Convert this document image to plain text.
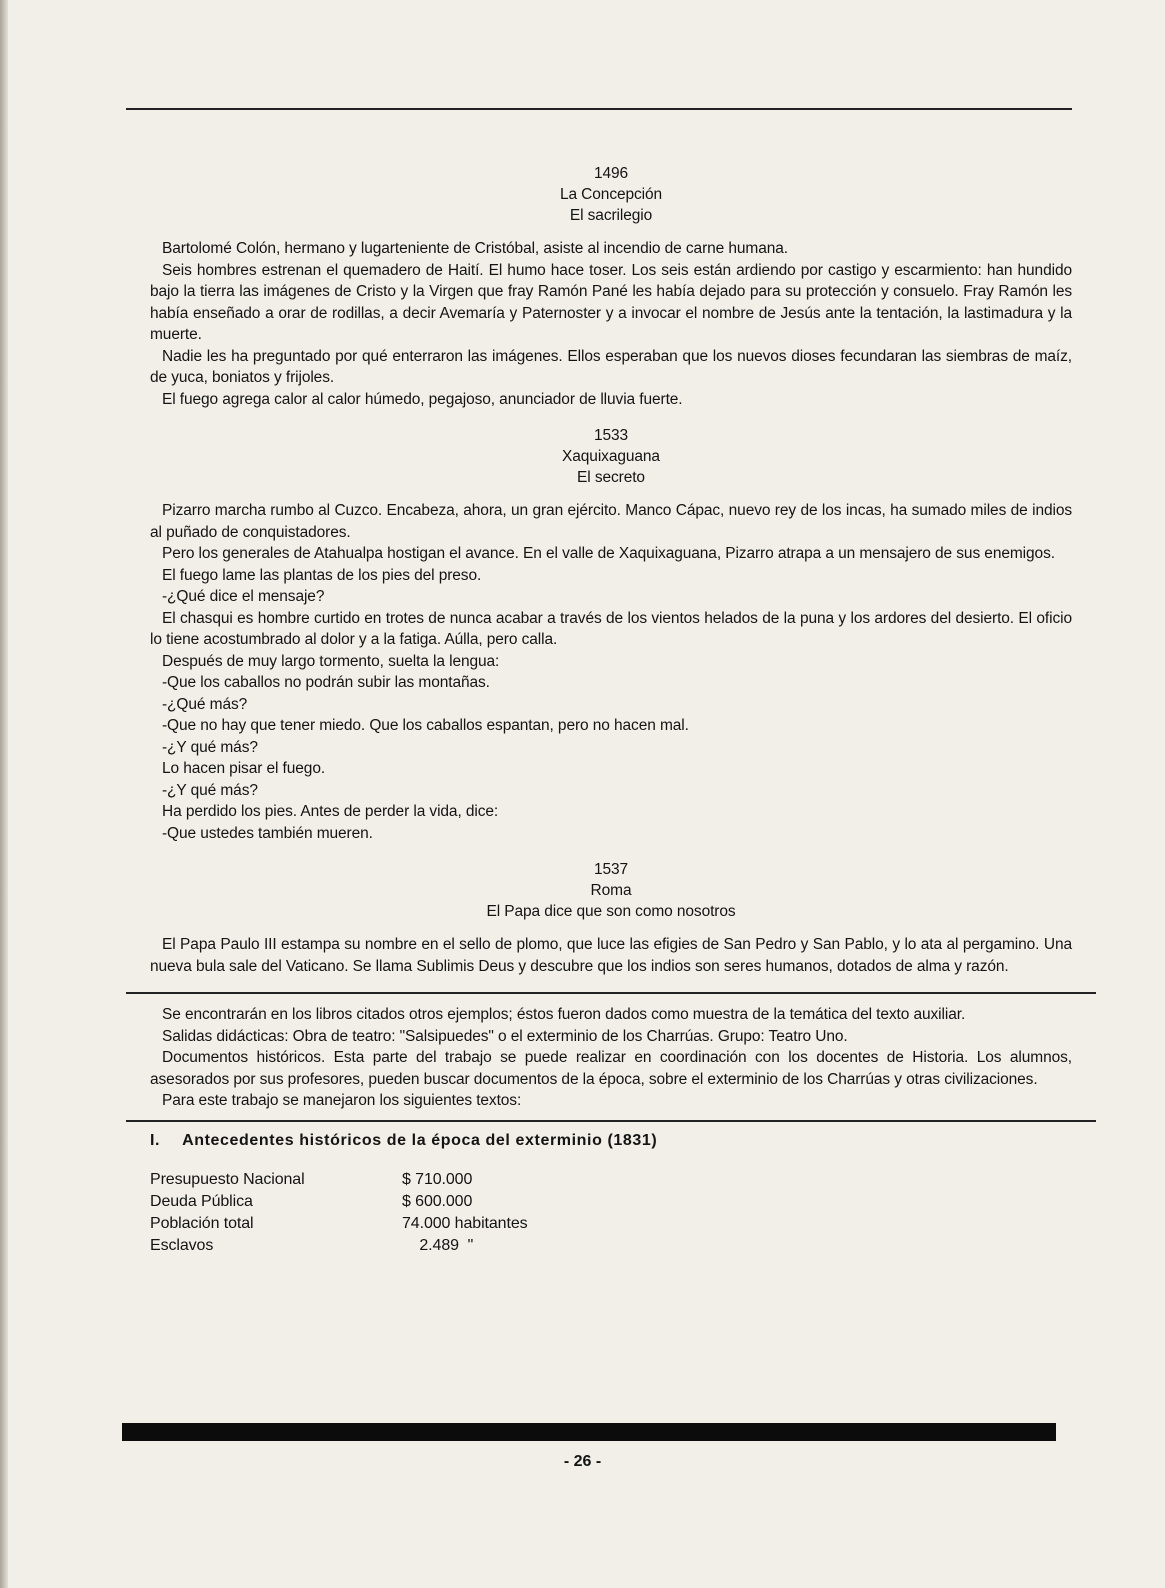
1496
La Concepción
El sacrilegio

Bartolomé Colón, hermano y lugarteniente de Cristóbal, asiste al incendio de carne humana.

Seis hombres estrenan el quemadero de Haití. El humo hace toser. Los seis están ardiendo por castigo y escarmiento: han hundido bajo la tierra las imágenes de Cristo y la Virgen que fray Ramón Pané les había dejado para su protección y consuelo. Fray Ramón les había enseñado a orar de rodillas, a decir Avemaría y Paternoster y a invocar el nombre de Jesús ante la tentación, la lastimadura y la muerte.

Nadie les ha preguntado por qué enterraron las imágenes. Ellos esperaban que los nuevos dioses fecundaran las siembras de maíz, de yuca, boniatos y frijoles.

El fuego agrega calor al calor húmedo, pegajoso, anunciador de lluvia fuerte.

1533
Xaquixaguana
El secreto

Pizarro marcha rumbo al Cuzco. Encabeza, ahora, un gran ejército. Manco Cápac, nuevo rey de los incas, ha sumado miles de indios al puñado de conquistadores.

Pero los generales de Atahualpa hostigan el avance. En el valle de Xaquixaguana, Pizarro atrapa a un mensajero de sus enemigos.

El fuego lame las plantas de los pies del preso.

-¿Qué dice el mensaje?

El chasqui es hombre curtido en trotes de nunca acabar a través de los vientos helados de la puna y los ardores del desierto. El oficio lo tiene acostumbrado al dolor y a la fatiga. Aúlla, pero calla.

Después de muy largo tormento, suelta la lengua:

-Que los caballos no podrán subir las montañas.

-¿Qué más?

-Que no hay que tener miedo. Que los caballos espantan, pero no hacen mal.

-¿Y qué más?

Lo hacen pisar el fuego.

-¿Y qué más?

Ha perdido los pies. Antes de perder la vida, dice:

-Que ustedes también mueren.

1537
Roma
El Papa dice que son como nosotros

El Papa Paulo III estampa su nombre en el sello de plomo, que luce las efigies de San Pedro y San Pablo, y lo ata al pergamino. Una nueva bula sale del Vaticano. Se llama Sublimis Deus y descubre que los indios son seres humanos, dotados de alma y razón.

Se encontrarán en los libros citados otros ejemplos; éstos fueron dados como muestra de la temática del texto auxiliar.

Salidas didácticas: Obra de teatro: "Salsipuedes" o el exterminio de los Charrúas. Grupo: Teatro Uno.

Documentos históricos. Esta parte del trabajo se puede realizar en coordinación con los docentes de Historia. Los alumnos, asesorados por sus profesores, pueden buscar documentos de la época, sobre el exterminio de los Charrúas y otras civilizaciones.

Para este trabajo se manejaron los siguientes textos:

I. Antecedentes históricos de la época del exterminio (1831)
Presupuesto Nacional	$ 710.000
Deuda Pública	$ 600.000
Población total	74.000 habitantes
Esclavos	2.489  "
- 26 -
